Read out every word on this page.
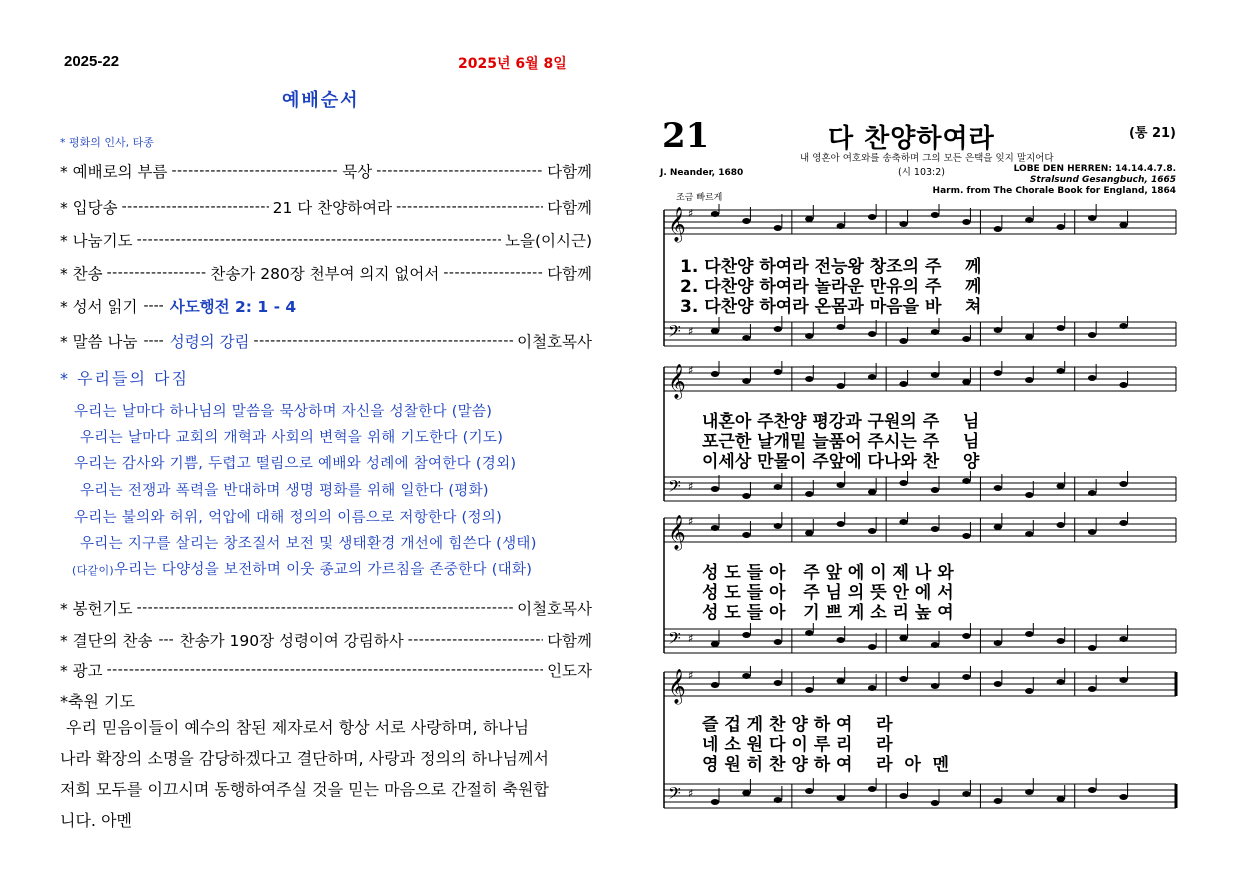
2025-22	2025년 6월 8일
예배순서
* 평화의 인사, 타종
* 예배로의 부름 -----	묵상 -----	다함께
* 입당송 -----	21 다 찬양하여라 -----	다함께
* 나눔기도 -----	노을(이시근)
* 찬송 -----	찬송가 280장 천부여 의지 없어서 -----	다함께
* 성서 읽기 ---- 사도행전 2: 1 - 4
* 말씀 나눔 ---- 성령의 강림 -----	이철호목사
* 우리들의 다짐
우리는 날마다 하나님의 말씀을 묵상하며 자신을 성찰한다 (말씀)
우리는 날마다 교회의 개혁과 사회의 변혁을 위해 기도한다 (기도)
우리는 감사와 기쁨, 두렵고 떨림으로 예배와 성례에 참여한다 (경외)
우리는 전쟁과 폭력을 반대하며 생명 평화를 위해 일한다 (평화)
우리는 불의와 허위, 억압에 대해 정의의 이름으로 저항한다 (정의)
우리는 지구를 살리는 창조질서 보전 및 생태환경 개선에 힘쓴다 (생태)
(다같이)우리는 다양성을 보전하며 이웃 종교의 가르침을 존중한다 (대화)
* 봉헌기도 -----	이철호목사
* 결단의 찬송 --- 찬송가 190장 성령이여 강림하사 -----	다함께
* 광고 -----	인도자
*축원 기도
우리 믿음이들이 예수의 참된 제자로서 항상 서로 사랑하며, 하나님
나라 확장의 소명을 감당하겠다고 결단하며, 사랑과 정의의 하나님께서
저희 모두를 이끄시며 동행하여주실 것을 믿는 마음으로 간절히 축원합
니다. 아멘
21	다 찬양하여라	(통 21)
내 영혼아 여호와를 송축하며 그의 모든 은택을 잊지 말지어다
(시 103:2)
J. Neander, 1680	LOBE DEN HERREN: 14.14.4.7.8.
Stralsund Gesangbuch, 1665
Harm. from The Chorale Book for England, 1864
조금 빠르게
𝄞 ♯
𝄢 ♯
𝄞 ♯
𝄢 ♯
𝄞 ♯
𝄢 ♯
𝄞 ♯
𝄢 ♯
1. 다찬양 하여라 전능왕 창조의 주    께
2. 다찬양 하여라 놀라운 만유의 주    께
3. 다찬양 하여라 온몸과 마음을 바    쳐
내혼아 주찬양 평강과 구원의 주    님
포근한 날개밑 늘품어 주시는 주    님
이세상 만물이 주앞에 다나와 찬    양
성 도 들 아   주 앞 에 이 제 나 와
성 도 들 아   주 님 의 뜻 안 에 서
성 도 들 아   기 쁘 게 소 리 높 여
즐 겁 게 찬 양 하 여    라
네 소 원 다 이 루 리    라
영 원 히 찬 양 하 여    라  아  멘
